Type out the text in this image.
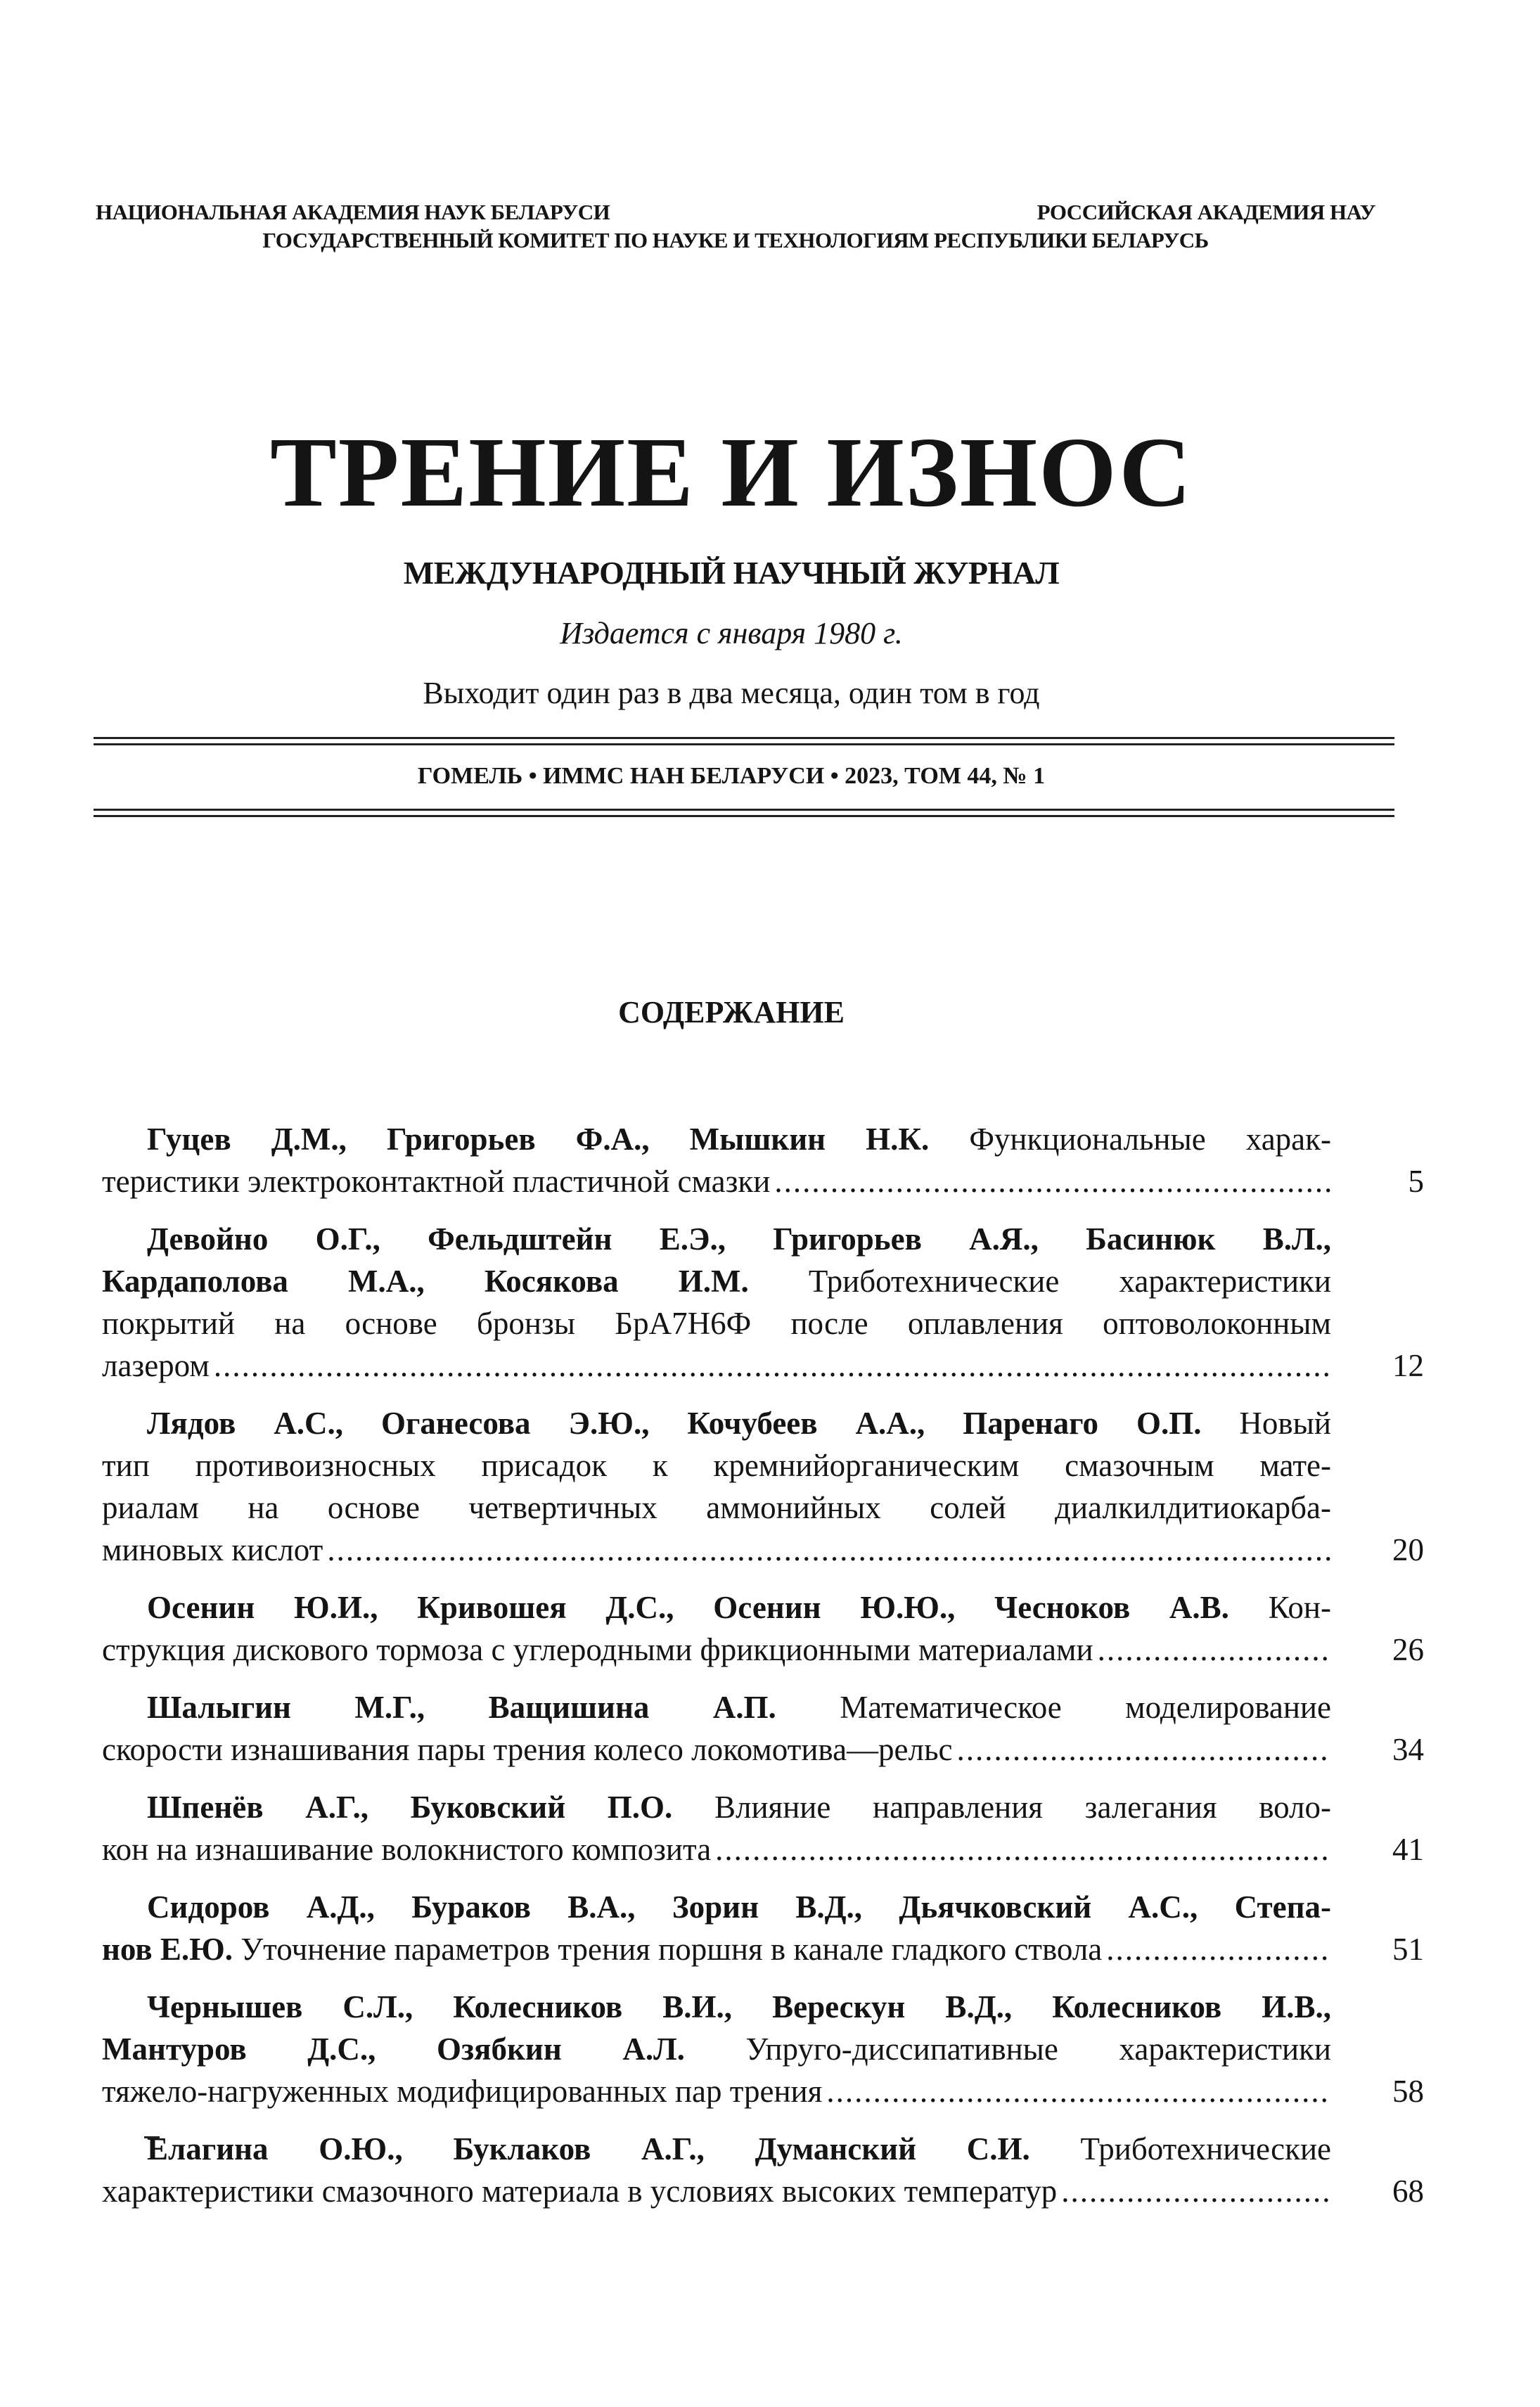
НАЦИОНАЛЬНАЯ АКАДЕМИЯ НАУК БЕЛАРУСИ	РОССИЙСКАЯ АКАДЕМИЯ НАУ
ГОСУДАРСТВЕННЫЙ КОМИТЕТ ПО НАУКЕ И ТЕХНОЛОГИЯМ РЕСПУБЛИКИ БЕЛАРУСЬ
ТРЕНИЕ И ИЗНОС
МЕЖДУНАРОДНЫЙ НАУЧНЫЙ ЖУРНАЛ
Издается с января 1980 г.
Выходит один раз в два месяца, один том в год
ГОМЕЛЬ • ИММС НАН БЕЛАРУСИ • 2023, ТОМ 44, № 1
СОДЕРЖАНИЕ
Гуцев Д.М., Григорьев Ф.А., Мышкин Н.К. Функциональные харак-
теристики электроконтактной пластичной смазки .....	5
Девойно О.Г., Фельдштейн Е.Э., Григорьев А.Я., Басинюк В.Л.,
Кардаполова М.А., Косякова И.М. Триботехнические характеристики
покрытий на основе бронзы БрА7Н6Ф после оплавления оптоволоконным
лазером .....	12
Лядов А.С., Оганесова Э.Ю., Кочубеев А.А., Паренаго О.П. Новый
тип противоизносных присадок к кремнийорганическим смазочным мате-
риалам на основе четвертичных аммонийных солей диалкилдитиокарба-
миновых кислот .....	20
Осенин Ю.И., Кривошея Д.С., Осенин Ю.Ю., Чесноков А.В. Кон-
струкция дискового тормоза с углеродными фрикционными материалами .....	26
Шалыгин М.Г., Ващишина А.П. Математическое моделирование
скорости изнашивания пары трения колесо локомотива—рельс .....	34
Шпенёв А.Г., Буковский П.О. Влияние направления залегания воло-
кон на изнашивание волокнистого композита .....	41
Сидоров А.Д., Бураков В.А., Зорин В.Д., Дьячковский А.С., Степа-
нов Е.Ю. Уточнение параметров трения поршня в канале гладкого ствола .....	51
Чернышев С.Л., Колесников В.И., Верескун В.Д., Колесников И.В.,
Мантуров Д.С., Озябкин А.Л. Упруго-диссипативные характеристики
тяжело-нагруженных модифицированных пар трения .....	58
Елагина О.Ю., Буклаков А.Г., Думанский С.И. Триботехнические
характеристики смазочного материала в условиях высоких температур .....	68
